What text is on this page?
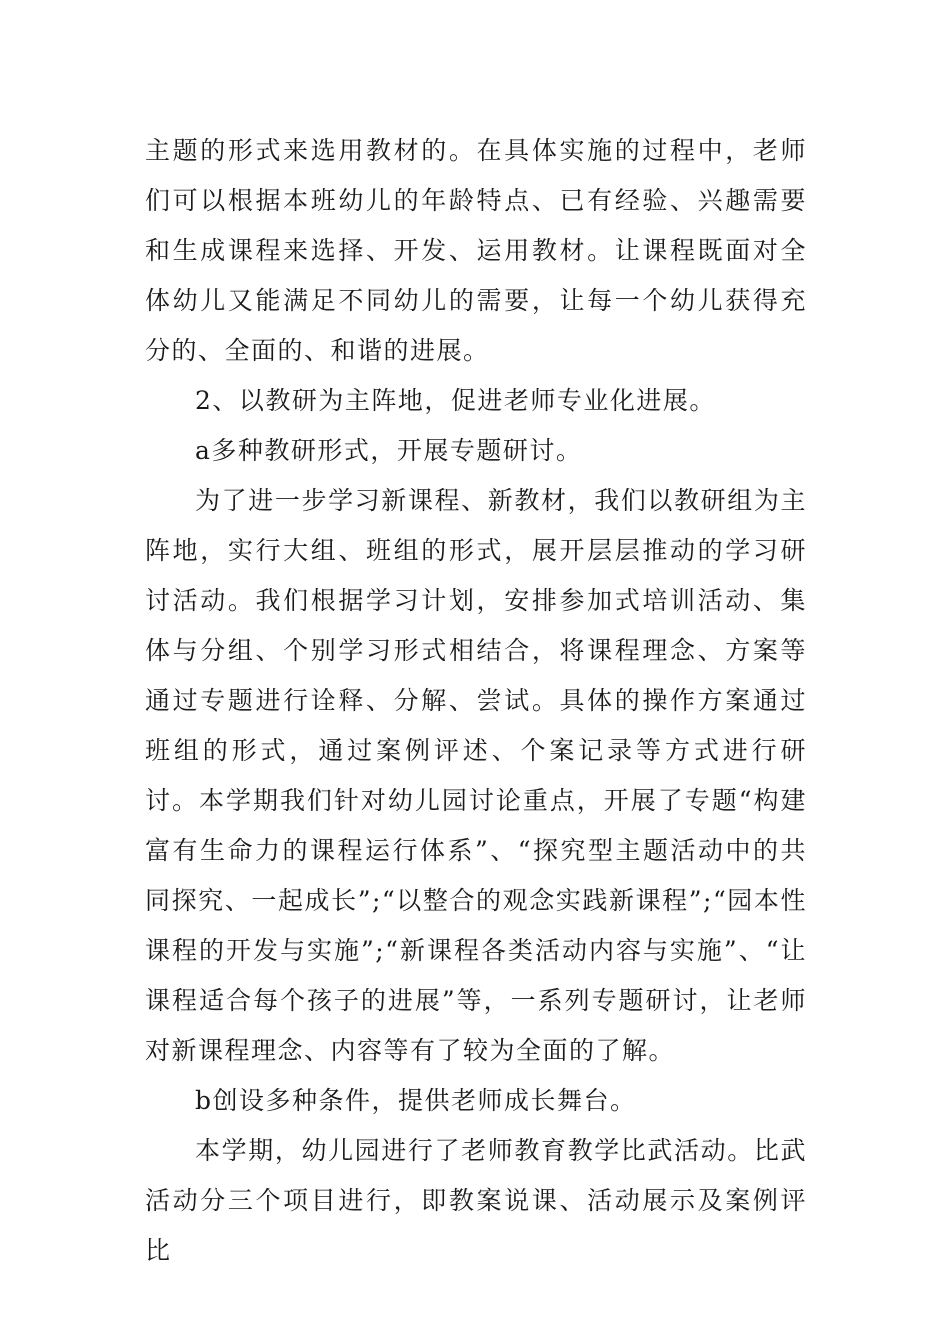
主题的形式来选用教材的。在具体实施的过程中，老师们可以根据本班幼儿的年龄特点、已有经验、兴趣需要和生成课程来选择、开发、运用教材。让课程既面对全体幼儿又能满足不同幼儿的需要，让每一个幼儿获得充分的、全面的、和谐的进展。

2、以教研为主阵地，促进老师专业化进展。

a多种教研形式，开展专题研讨。

为了进一步学习新课程、新教材，我们以教研组为主阵地，实行大组、班组的形式，展开层层推动的学习研讨活动。我们根据学习计划，安排参加式培训活动、集体与分组、个别学习形式相结合，将课程理念、方案等通过专题进行诠释、分解、尝试。具体的操作方案通过班组的形式，通过案例评述、个案记录等方式进行研讨。本学期我们针对幼儿园讨论重点，开展了专题“构建富有生命力的课程运行体系”、“探究型主题活动中的共同探究、一起成长”;“以整合的观念实践新课程”;“园本性课程的开发与实施”;“新课程各类活动内容与实施”、“让课程适合每个孩子的进展”等，一系列专题研讨，让老师对新课程理念、内容等有了较为全面的了解。

b创设多种条件，提供老师成长舞台。

本学期，幼儿园进行了老师教育教学比武活动。比武活动分三个项目进行，即教案说课、活动展示及案例评比
